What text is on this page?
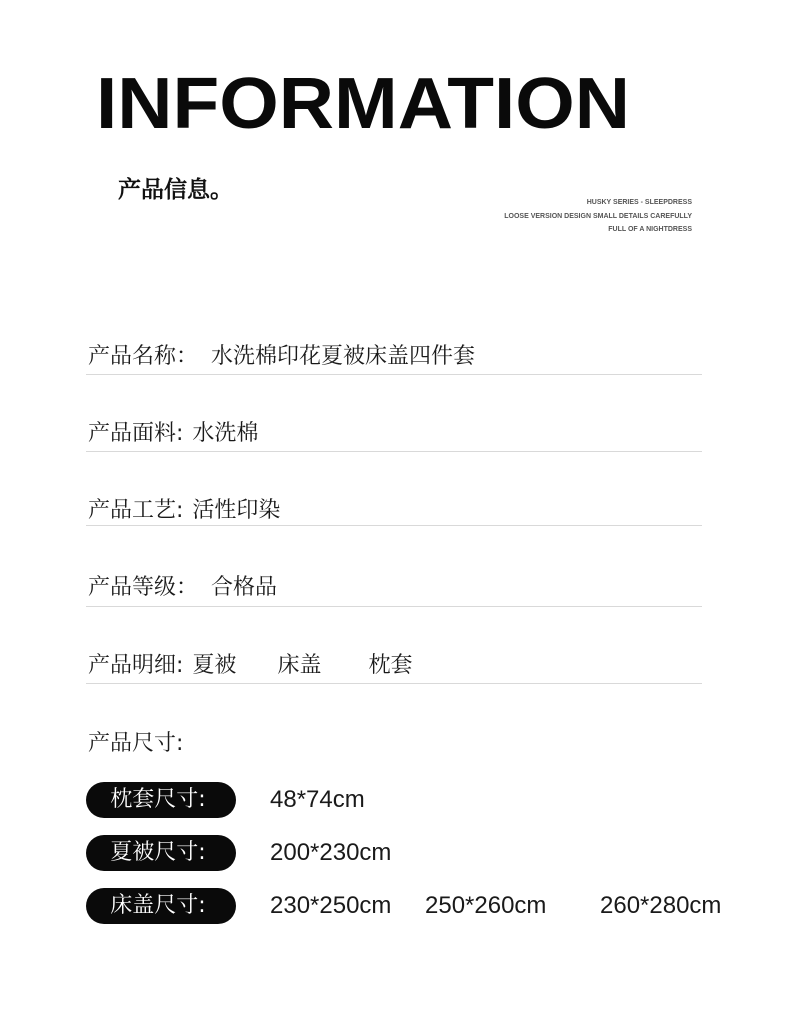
INFORMATION
产品信息。	HUSKY SERIES - SLEEPDRESS
LOOSE VERSION DESIGN SMALL DETAILS CAREFULLY
FULL OF A NIGHTDRESS
产品名称： 水洗棉印花夏被床盖四件套
产品面料: 水洗棉
产品工艺: 活性印染
产品等级： 合格品
产品明细: 夏被 床盖 枕套
产品尺寸:
枕套尺寸:	48*74cm
夏被尺寸:	200*230cm
床盖尺寸:	230*250cm 250*260cm 260*280cm
